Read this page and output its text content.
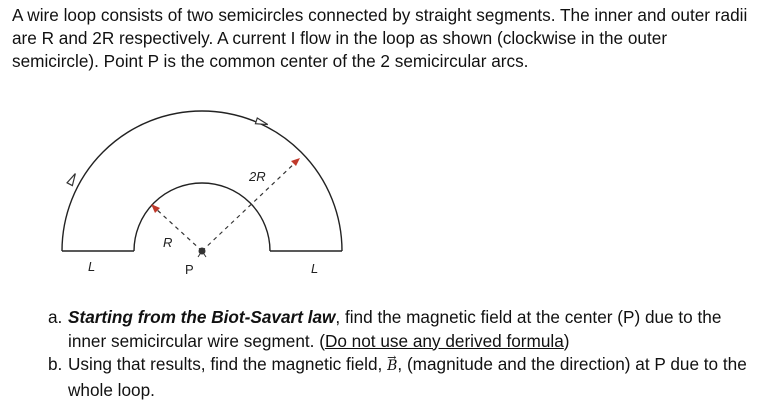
A wire loop consists of two semicircles connected by straight segments. The inner and outer radii are R and 2R respectively. A current I flow in the loop as shown (clockwise in the outer semicircle). Point P is the common center of the 2 semicircular arcs.

2R
R
P
L	L
a. Starting from the Biot-Savart law, find the magnetic field at the center (P) due to the inner semicircular wire segment. (Do not use any derived formula)
b. Using that results, find the magnetic field, → B, (magnitude and the direction) at P due to the whole loop.
